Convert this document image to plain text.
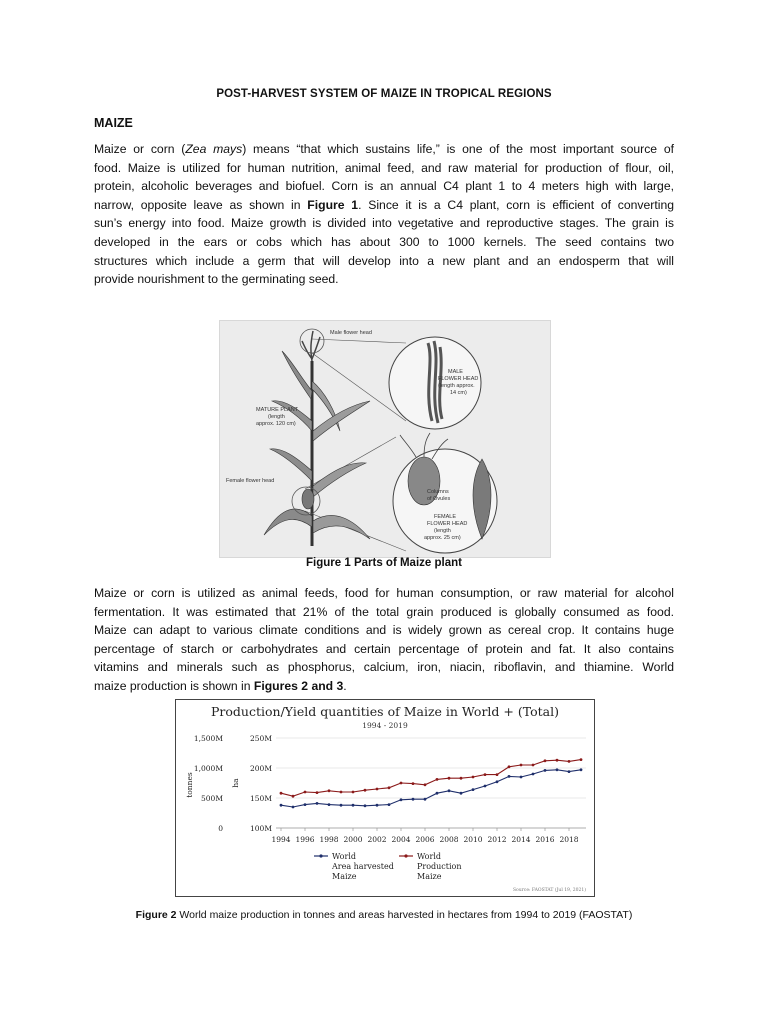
POST-HARVEST SYSTEM OF MAIZE IN TROPICAL REGIONS
MAIZE

Maize or corn (Zea mays) means “that which sustains life,” is one of the most important source of
food. Maize is utilized for human nutrition, animal feed, and raw material for production of flour, oil,
protein, alcoholic beverages and biofuel. Corn is an annual C4 plant 1 to 4 meters high with large,
narrow, opposite leave as shown in Figure 1. Since it is a C4 plant, corn is efficient of converting
sun’s energy into food. Maize growth is divided into vegetative and reproductive stages. The grain is
developed in the ears or cobs which has about 300 to 1000 kernels. The seed contains two
structures which include a germ that will develop into a new plant and an endosperm that will
provide nourishment to the germinating seed.

Male flower head
MATURE PLANT
(length
approx. 120 cm)
MALE
FLOWER HEAD
(length approx.
14 cm)
Female flower head
Columns
of Ovules
FEMALE
FLOWER HEAD
(length
approx. 25 cm)
Figure 1 Parts of Maize plant

Maize or corn is utilized as animal feeds, food for human consumption, or raw material for alcohol
fermentation. It was estimated that 21% of the total grain produced is globally consumed as food.
Maize can adapt to various climate conditions and is widely grown as cereal crop. It contains huge
percentage of starch or carbohydrates and certain percentage of protein and fat. It also contains
vitamins and minerals such as phosphorus, calcium, iron, niacin, riboflavin, and thiamine. World
maize production is shown in Figures 2 and 3.

Production/Yield quantities of Maize in World + (Total)
1994 - 2019
100M
0
150M
500M
200M
1,000M
250M
1,500M
tonnes	ha
1994 1996 1998 2000 2002 2004 2006 2008 2010 2012 2014 2016 2018
World
Area harvested
Maize
World
Production
Maize
Source: FAOSTAT (Jul 19, 2021)
Figure 2 World maize production in tonnes and areas harvested in hectares from 1994 to 2019 (FAOSTAT)
